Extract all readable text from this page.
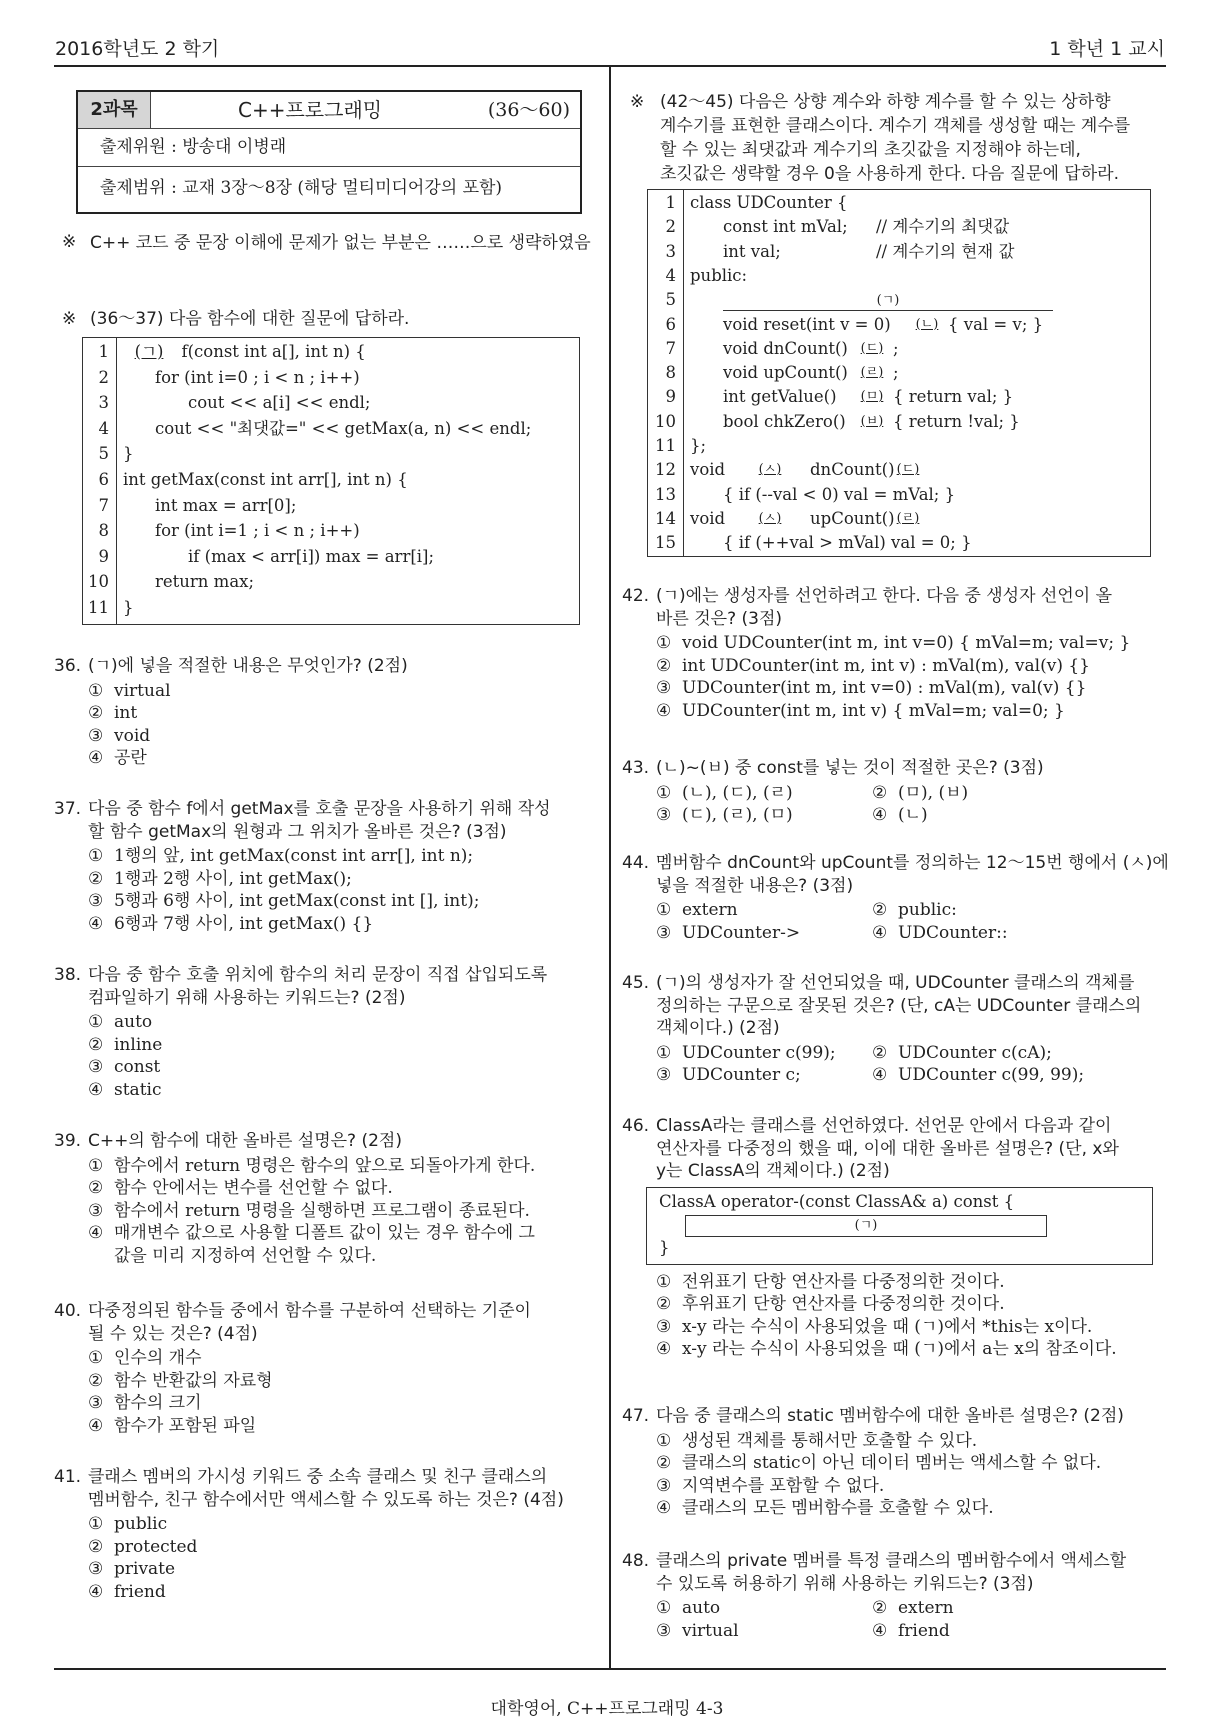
2016학년도 2 학기	1 학년 1 교시
2과목	C++프로그래밍	(36～60)
출제위원 : 방송대 이병래
출제범위 : 교재 3장～8장 (해당 멀티미디어강의 포함)
※ C++ 코드 중 문장 이해에 문제가 없는 부분은 ……으로 생략하였음
※ (36～37) 다음 함수에 대한 질문에 답하라.
1	(ㄱ) f(const int a[], int n) {
2	for (int i=0 ; i < n ; i++)
3	cout << a[i] << endl;
4	cout << "최댓값=" << getMax(a, n) << endl;
5 }
6 int getMax(const int arr[], int n) {
7	int max = arr[0];
8	for (int i=1 ; i < n ; i++)
9	if (max < arr[i]) max = arr[i];
10	return max;
11 }
36. (ㄱ)에 넣을 적절한 내용은 무엇인가? (2점)
① virtual
② int
③ void
④ 공란
37. 다음 중 함수 f에서 getMax를 호출 문장을 사용하기 위해 작성
할 함수 getMax의 원형과 그 위치가 올바른 것은? (3점)
① 1행의 앞, int getMax(const int arr[], int n);
② 1행과 2행 사이, int getMax();
③ 5행과 6행 사이, int getMax(const int [], int);
④ 6행과 7행 사이, int getMax() {}
38. 다음 중 함수 호출 위치에 함수의 처리 문장이 직접 삽입되도록
컴파일하기 위해 사용하는 키워드는? (2점)
① auto
② inline
③ const
④ static
39. C++의 함수에 대한 올바른 설명은? (2점)
① 함수에서 return 명령은 함수의 앞으로 되돌아가게 한다.
② 함수 안에서는 변수를 선언할 수 없다.
③ 함수에서 return 명령을 실행하면 프로그램이 종료된다.
④ 매개변수 값으로 사용할 디폴트 값이 있는 경우 함수에 그
값을 미리 지정하여 선언할 수 있다.
40. 다중정의된 함수들 중에서 함수를 구분하여 선택하는 기준이
될 수 있는 것은? (4점)
① 인수의 개수
② 함수 반환값의 자료형
③ 함수의 크기
④ 함수가 포함된 파일
41. 클래스 멤버의 가시성 키워드 중 소속 클래스 및 친구 클래스의
멤버함수, 친구 함수에서만 액세스할 수 있도록 하는 것은? (4점)
① public
② protected
③ private
④ friend
※ (42～45) 다음은 상향 계수와 하향 계수를 할 수 있는 상하향
계수기를 표현한 클래스이다. 계수기 객체를 생성할 때는 계수를
할 수 있는 최댓값과 계수기의 초깃값을 지정해야 하는데,
초깃값은 생략할 경우 0을 사용하게 한다. 다음 질문에 답하라.
1 class UDCounter {
2	const int mVal; // 계수기의 최댓값
3	int val;	// 계수기의 현재 값
4 public:
5	(ㄱ)
6	void reset(int v = 0)	(ㄴ) { val = v; }
7	void dnCount() (ㄷ) ;
8	void upCount() (ㄹ) ;
9	int getValue()	(ㅁ) { return val; }
10	bool chkZero()	(ㅂ) { return !val; }
11 };
12 void	(ㅅ)	dnCount() (ㄷ)
13	{ if (--val < 0) val = mVal; }
14 void	(ㅅ)	upCount() (ㄹ)
15	{ if (++val > mVal) val = 0; }
42. (ㄱ)에는 생성자를 선언하려고 한다. 다음 중 생성자 선언이 올
바른 것은? (3점)
① void UDCounter(int m, int v=0) { mVal=m; val=v; }
② int UDCounter(int m, int v) : mVal(m), val(v) {}
③ UDCounter(int m, int v=0) : mVal(m), val(v) {}
④ UDCounter(int m, int v) { mVal=m; val=0; }
43. (ㄴ)~(ㅂ) 중 const를 넣는 것이 적절한 곳은? (3점)
① (ㄴ), (ㄷ), (ㄹ)	② (ㅁ), (ㅂ)
③ (ㄷ), (ㄹ), (ㅁ)	④ (ㄴ)
44. 멤버함수 dnCount와 upCount를 정의하는 12～15번 행에서 (ㅅ)에
넣을 적절한 내용은? (3점)
① extern	② public:
③ UDCounter->	④ UDCounter::
45. (ㄱ)의 생성자가 잘 선언되었을 때, UDCounter 클래스의 객체를
정의하는 구문으로 잘못된 것은? (단, cA는 UDCounter 클래스의
객체이다.) (2점)
① UDCounter c(99); ② UDCounter c(cA);
③ UDCounter c;	④ UDCounter c(99, 99);
46. ClassA라는 클래스를 선언하였다. 선언문 안에서 다음과 같이
연산자를 다중정의 했을 때, 이에 대한 올바른 설명은? (단, x와
y는 ClassA의 객체이다.) (2점)
ClassA operator-(const ClassA& a) const {
(ㄱ)
}
① 전위표기 단항 연산자를 다중정의한 것이다.
② 후위표기 단항 연산자를 다중정의한 것이다.
③ x-y 라는 수식이 사용되었을 때 (ㄱ)에서 *this는 x이다.
④ x-y 라는 수식이 사용되었을 때 (ㄱ)에서 a는 x의 참조이다.
47. 다음 중 클래스의 static 멤버함수에 대한 올바른 설명은? (2점)
① 생성된 객체를 통해서만 호출할 수 있다.
② 클래스의 static이 아닌 데이터 멤버는 액세스할 수 없다.
③ 지역변수를 포함할 수 없다.
④ 클래스의 모든 멤버함수를 호출할 수 있다.
48. 클래스의 private 멤버를 특정 클래스의 멤버함수에서 액세스할
수 있도록 허용하기 위해 사용하는 키워드는? (3점)
① auto	② extern
③ virtual	④ friend
대학영어, C++프로그래밍 4-3
